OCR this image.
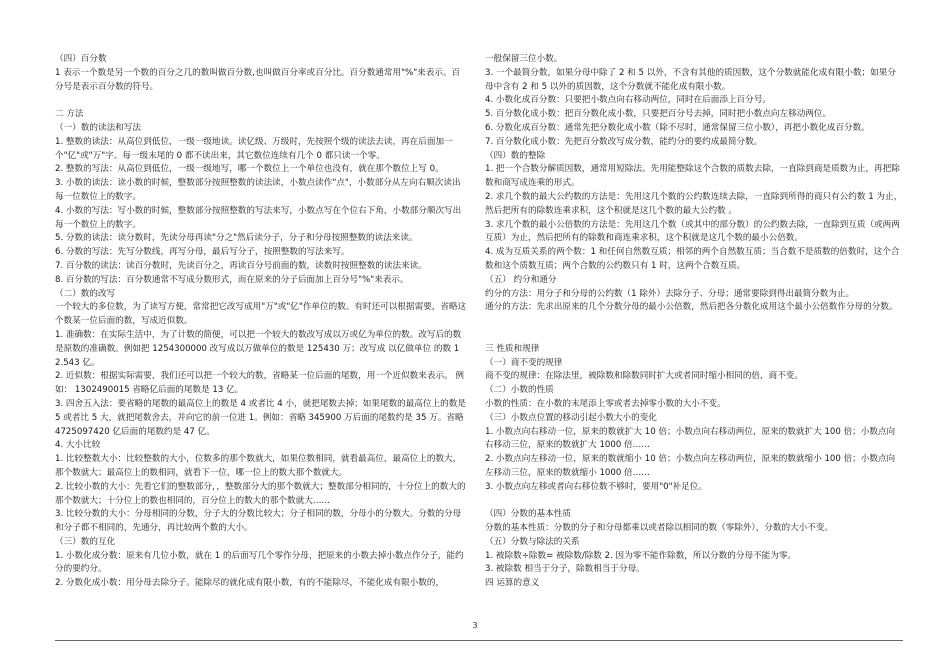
（四）百分数

1 表示一个数是另一个数的百分之几的数叫做百分数,也叫做百分率或百分比。百分数通常用"%"来表示。百分号是表示百分数的符号。

二 方法

（一）数的读法和写法

1. 整数的读法：从高位到低位，一级一级地读。读亿级、万级时，先按照个级的读法去读，再在后面加一个"亿"或"万"字。每一级末尾的 0 都不读出来，其它数位连续有几个 0 都只读一个零。

2. 整数的写法：从高位到低位，一级一级地写，哪一个数位上一个单位也没有，就在那个数位上写 0。

3. 小数的读法：读小数的时候，整数部分按照整数的读法读，小数点读作"点"，小数部分从左向右顺次读出每一位数位上的数字。

4. 小数的写法：写小数的时候，整数部分按照整数的写法来写，小数点写在个位右下角，小数部分顺次写出每一个数位上的数字。

5. 分数的读法：读分数时，先读分母再读"分之"然后读分子，分子和分母按照整数的读法来读。

6. 分数的写法：先写分数线，再写分母，最后写分子，按照整数的写法来写。

7. 百分数的读法：读百分数时，先读百分之，再读百分号前面的数，读数时按照整数的读法来读。

8. 百分数的写法：百分数通常不写成分数形式，而在原来的分子后面加上百分号"%"来表示。

（二）数的改写

一个较大的多位数，为了读写方便，常常把它改写成用"万"或"亿"作单位的数。有时还可以根据需要，省略这个数某一位后面的数，写成近似数。

1. 准确数：在实际生活中，为了计数的简便，可以把一个较大的数改写成以万或亿为单位的数。改写后的数是原数的准确数。例如把 1254300000 改写成以万做单位的数是 125430 万；改写成 以亿做单位 的数 12.543 亿。

2. 近似数：根据实际需要，我们还可以把一个较大的数，省略某一位后面的尾数，用一个近似数来表示。 例如： 1302490015 省略亿后面的尾数是 13 亿。

3. 四舍五入法：要省略的尾数的最高位上的数是 4 或者比 4 小，就把尾数去掉；如果尾数的最高位上的数是 5 或者比 5 大，就把尾数舍去，并向它的前一位进 1。例如：省略 345900 万后面的尾数约是 35 万。省略 4725097420 亿后面的尾数约是 47 亿。

4. 大小比较

1. 比较整数大小：比较整数的大小，位数多的那个数就大，如果位数相同，就看最高位，最高位上的数大，那个数就大；最高位上的数相同，就看下一位，哪一位上的数大那个数就大。

2. 比较小数的大小：先看它们的整数部分，，整数部分大的那个数就大；整数部分相同的，十分位上的数大的那个数就大；十分位上的数也相同的，百分位上的数大的那个数就大……

3. 比较分数的大小：分母相同的分数，分子大的分数比较大；分子相同的数，分母小的分数大。分数的分母和分子都不相同的，先通分，再比较两个数的大小。

（三）数的互化

1. 小数化成分数：原来有几位小数，就在 1 的后面写几个零作分母，把原来的小数去掉小数点作分子，能约分的要约分。

2. 分数化成小数：用分母去除分子。能除尽的就化成有限小数，有的不能除尽，不能化成有限小数的，

一般保留三位小数。

3. 一个最简分数，如果分母中除了 2 和 5 以外，不含有其他的质因数，这个分数就能化成有限小数；如果分母中含有 2 和 5 以外的质因数，这个分数就不能化成有限小数。

4. 小数化成百分数：只要把小数点向右移动两位，同时在后面添上百分号。

5. 百分数化成小数：把百分数化成小数，只要把百分号去掉，同时把小数点向左移动两位。

6. 分数化成百分数：通常先把分数化成小数（除不尽时，通常保留三位小数），再把小数化成百分数。

7. 百分数化成小数：先把百分数改写成分数，能约分的要约成最简分数。

（四）数的整除

1. 把一个合数分解质因数，通常用短除法。先用能整除这个合数的质数去除，一直除到商是质数为止，再把除数和商写成连乘的形式。

2. 求几个数的最大公约数的方法是：先用这几个数的公约数连续去除，一直除到所得的商只有公约数 1 为止，然后把所有的除数连乘求积，这个积就是这几个数的最大公约数 。

3. 求几个数的最小公倍数的方法是：先用这几个数（或其中的部分数）的公约数去除，一直除到互质（或两两互质）为止，然后把所有的除数和商连乘求积，这个积就是这几个数的最小公倍数。

4. 成为互质关系的两个数：1 和任何自然数互质；相邻的两个自然数互质；当合数不是质数的倍数时，这个合数和这个质数互质；两个合数的公约数只有 1 时，这两个合数互质。

（五） 约分和通分

约分的方法：用分子和分母的公约数（1 除外）去除分子、分母；通常要除到得出最简分数为止。

通分的方法：先求出原来的几个分数分母的最小公倍数，然后把各分数化成用这个最小公倍数作分母的分数。

三 性质和规律

（一）商不变的规律

商不变的规律：在除法里，被除数和除数同时扩大或者同时缩小相同的倍，商不变。

（二）小数的性质

小数的性质：在小数的末尾添上零或者去掉零小数的大小不变。

（三）小数点位置的移动引起小数大小的变化

1. 小数点向右移动一位，原来的数就扩大 10 倍；小数点向右移动两位，原来的数就扩大 100 倍；小数点向右移动三位，原来的数就扩大 1000 倍……

2. 小数点向左移动一位，原来的数就缩小 10 倍；小数点向左移动两位，原来的数就缩小 100 倍；小数点向左移动三位，原来的数就缩小 1000 倍……

3. 小数点向左移或者向右移位数不够时，要用"0"补足位。

（四）分数的基本性质

分数的基本性质：分数的分子和分母都乘以或者除以相同的数（零除外），分数的大小不变。

（五）分数与除法的关系

1. 被除数÷除数= 被除数/除数 2. 因为零不能作除数，所以分数的分母不能为零。

3. 被除数 相当于分子，除数相当于分母。

四 运算的意义

3
